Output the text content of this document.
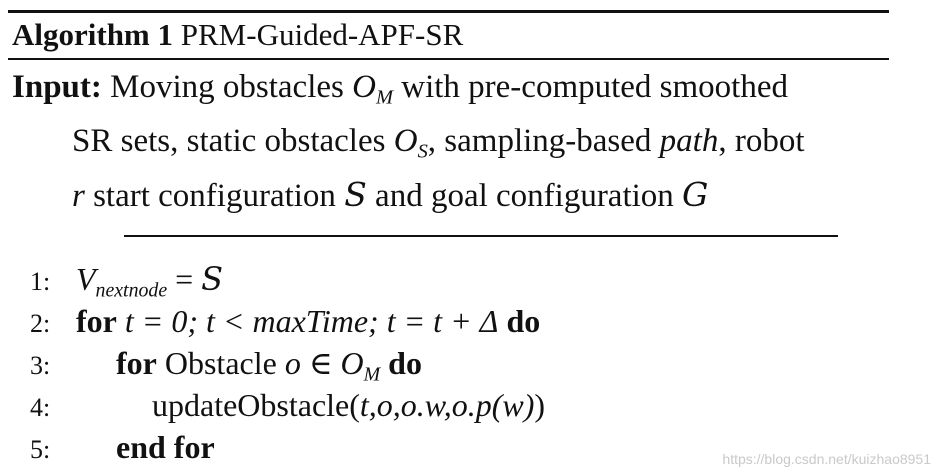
Algorithm 1 PRM-Guided-APF-SR
Input: Moving obstacles $O_M$ with pre-computed smoothed
SR sets, static obstacles $O_S$, sampling-based path, robot
r start configuration S and goal configuration G
1: $V_{nextnode} = S$
2: for t = 0; t < maxTime; t = t + Δ do
3: for Obstacle o ∈ $O_M$ do
4:	updateObstacle(t,o,o.w,o.p(w))
5: end for	https://blog.csdn.net/kuizhao8951
